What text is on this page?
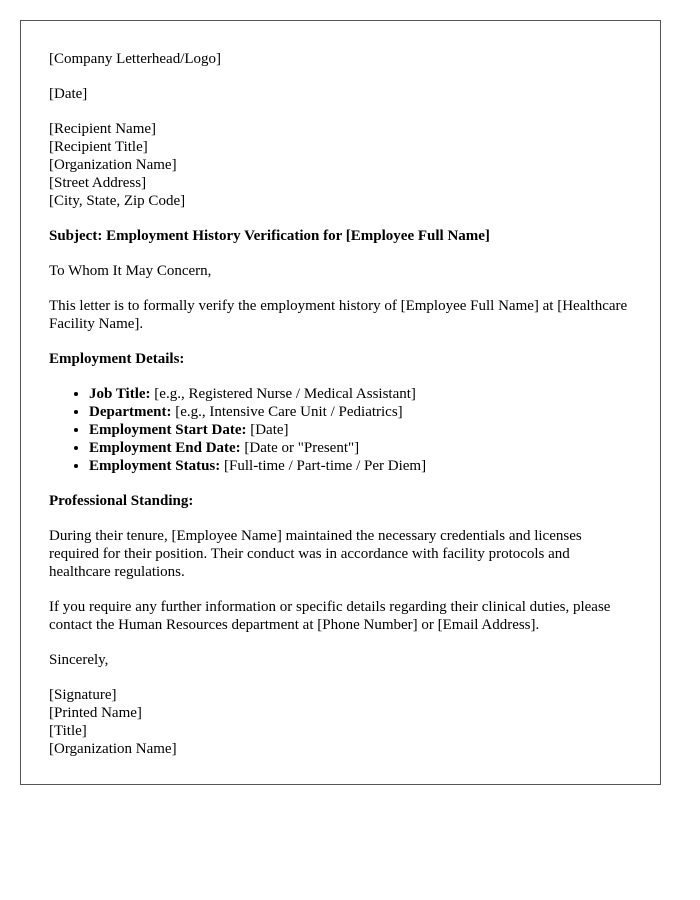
[Company Letterhead/Logo]

[Date]

[Recipient Name]

[Recipient Title]

[Organization Name]

[Street Address]

[City, State, Zip Code]

Subject: Employment History Verification for [Employee Full Name]

To Whom It May Concern,

This letter is to formally verify the employment history of [Employee Full Name] at [Healthcare Facility Name].

Employment Details:

• Job Title: [e.g., Registered Nurse / Medical Assistant]
• Department: [e.g., Intensive Care Unit / Pediatrics]
• Employment Start Date: [Date]
• Employment End Date: [Date or "Present"]
• Employment Status: [Full-time / Part-time / Per Diem]

Professional Standing:

During their tenure, [Employee Name] maintained the necessary credentials and licenses required for their position. Their conduct was in accordance with facility protocols and healthcare regulations.

If you require any further information or specific details regarding their clinical duties, please contact the Human Resources department at [Phone Number] or [Email Address].

Sincerely,

[Signature]

[Printed Name]

[Title]

[Organization Name]
